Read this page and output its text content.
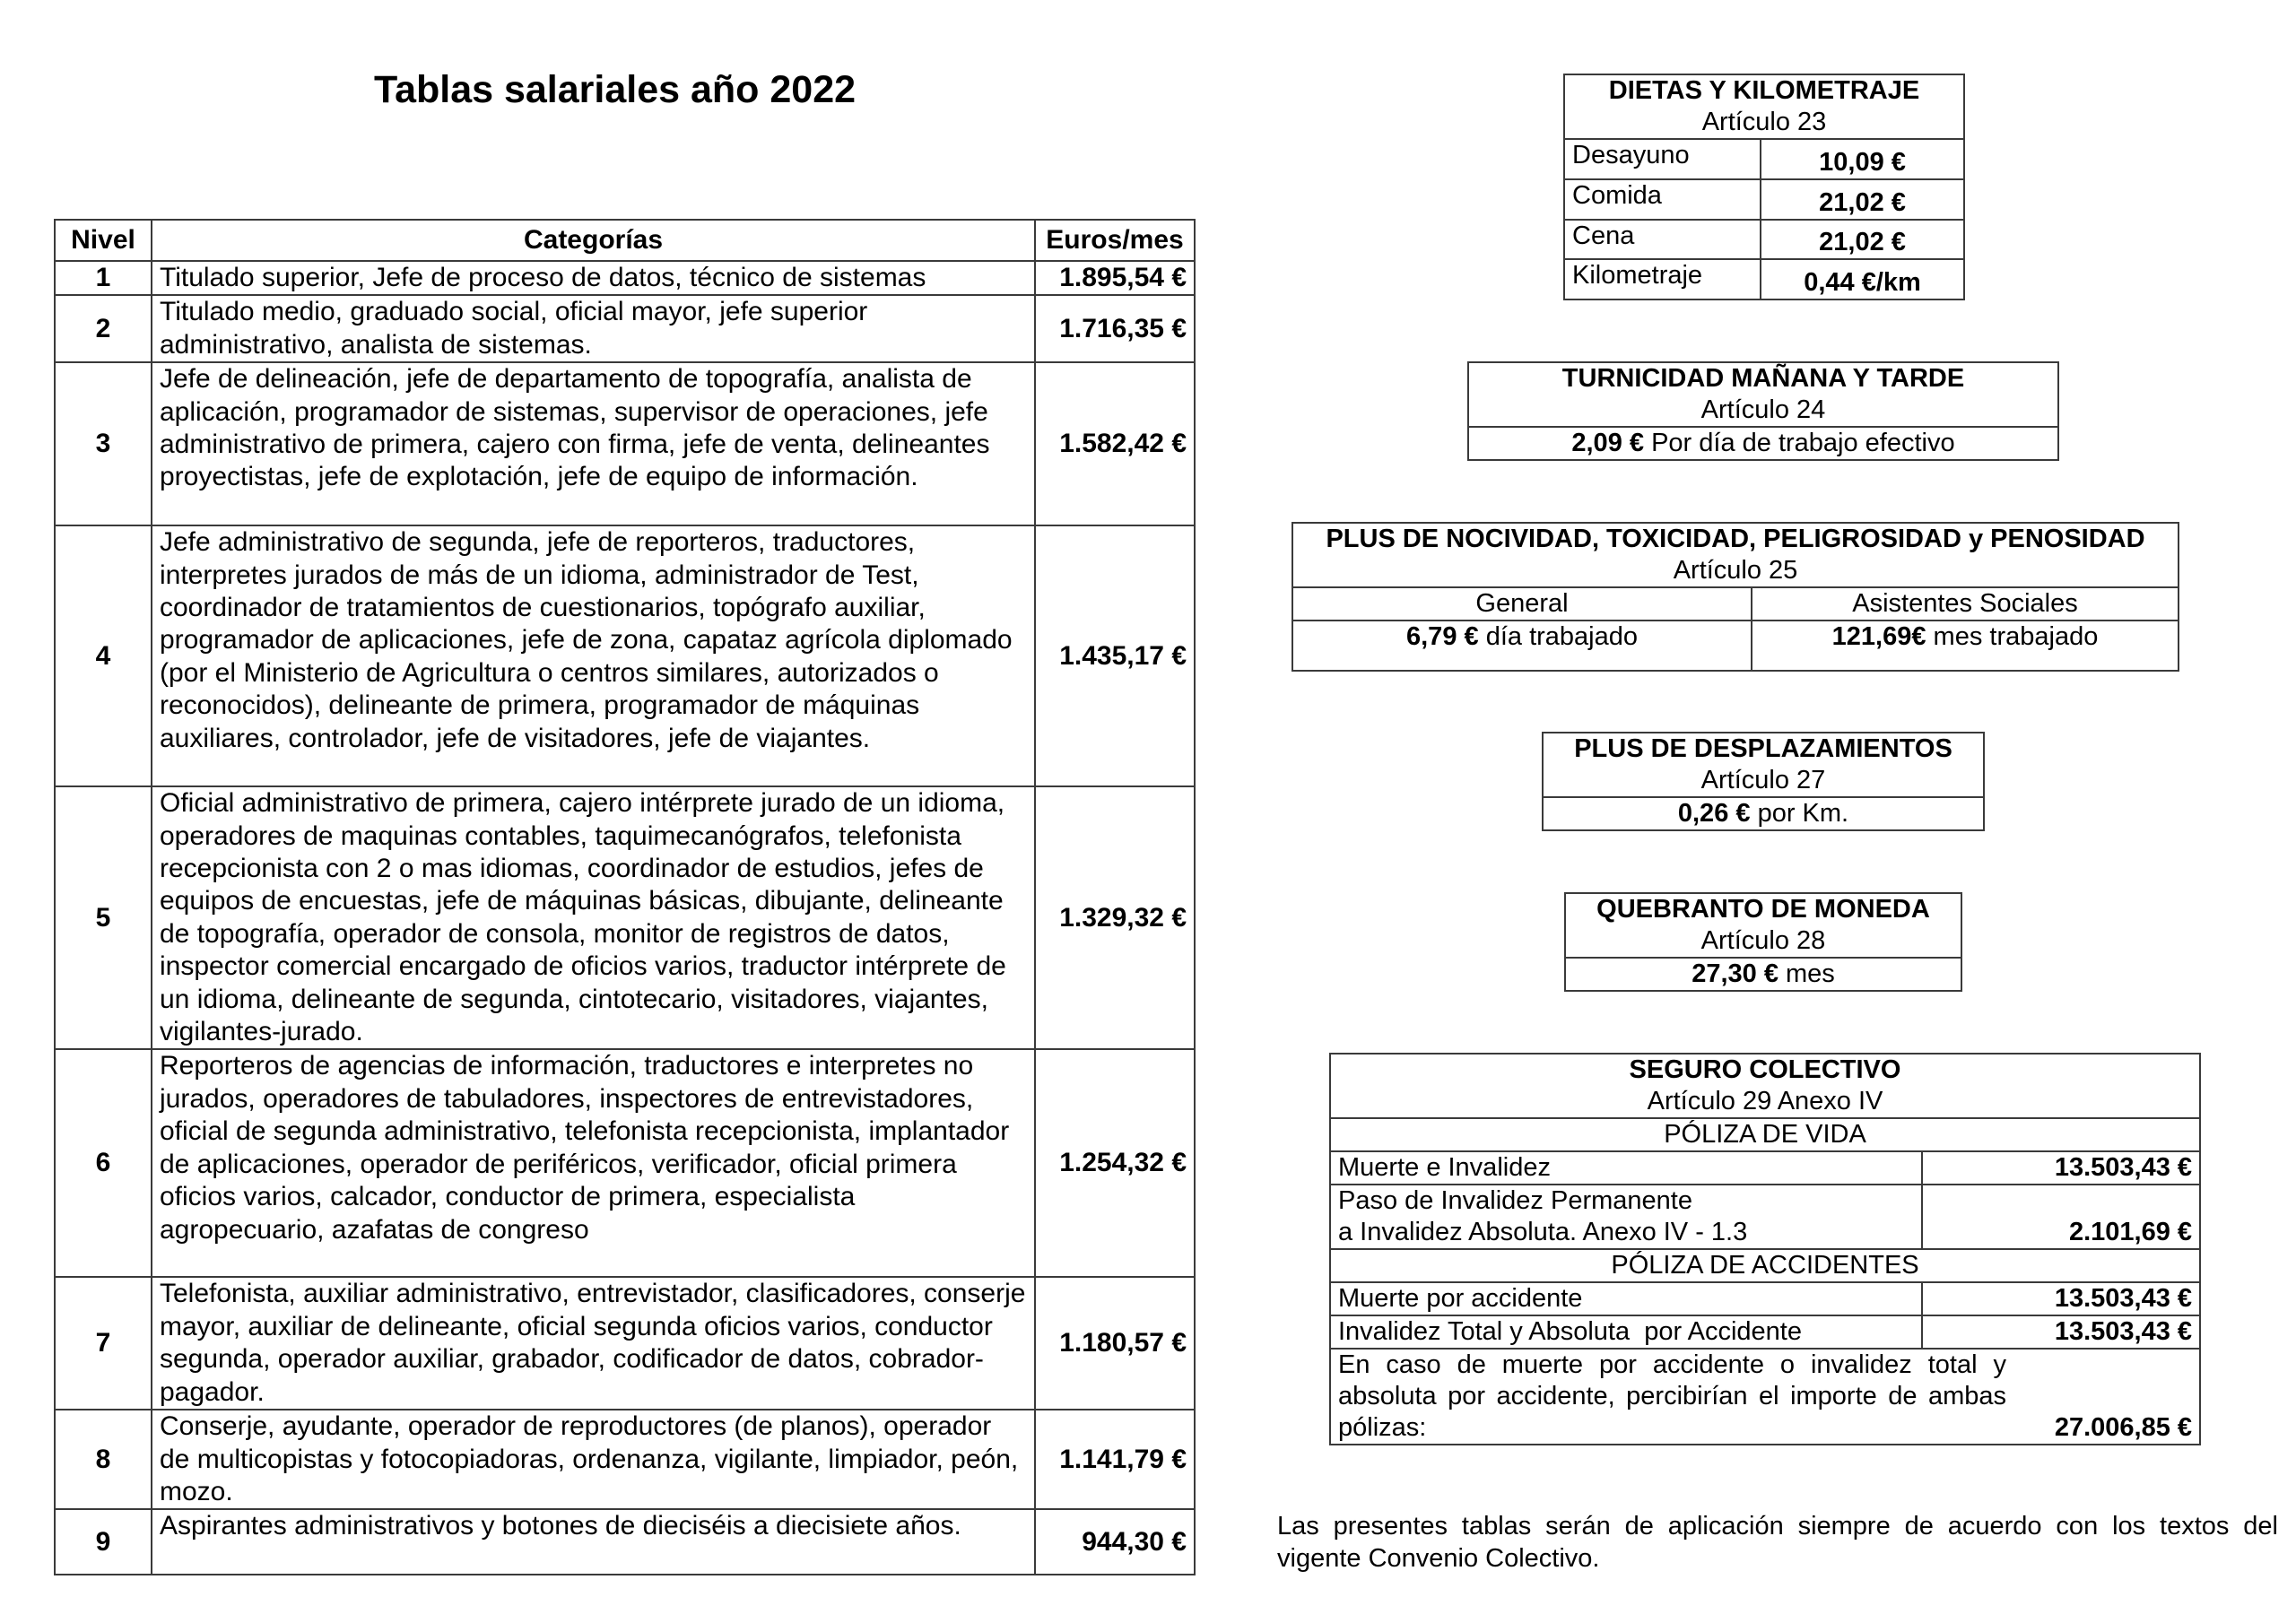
Tablas salariales año 2022
Nivel	Categorías	Euros/mes
1	Titulado superior, Jefe de proceso de datos, técnico de sistemas	1.895,54 €
2	Titulado medio, graduado social, oficial mayor, jefe superior administrativo, analista de sistemas.	1.716,35 €
3	Jefe de delineación, jefe de departamento de topografía, analista de aplicación, programador de sistemas, supervisor de operaciones, jefe administrativo de primera, cajero con firma, jefe de venta, delineantes proyectistas, jefe de explotación, jefe de equipo de información.	1.582,42 €
4	Jefe administrativo de segunda, jefe de reporteros, traductores, interpretes jurados de más de un idioma, administrador de Test, coordinador de tratamientos de cuestionarios, topógrafo auxiliar, programador de aplicaciones, jefe de zona, capataz agrícola diplomado (por el Ministerio de Agricultura o centros similares, autorizados o reconocidos), delineante de primera, programador de máquinas auxiliares, controlador, jefe de visitadores, jefe de viajantes.	1.435,17 €
5	Oficial administrativo de primera, cajero intérprete jurado de un idioma, operadores de maquinas contables, taquimecanógrafos, telefonista recepcionista con 2 o mas idiomas, coordinador de estudios, jefes de equipos de encuestas, jefe de máquinas básicas, dibujante, delineante de topografía, operador de consola, monitor de registros de datos, inspector comercial encargado de oficios varios, traductor intérprete de un idioma, delineante de segunda, cintotecario, visitadores, viajantes, vigilantes-jurado.	1.329,32 €
6	Reporteros de agencias de información, traductores e interpretes no jurados, operadores de tabuladores, inspectores de entrevistadores, oficial de segunda administrativo, telefonista recepcionista, implantador de aplicaciones, operador de periféricos, verificador, oficial primera oficios varios, calcador, conductor de primera, especialista agropecuario, azafatas de congreso	1.254,32 €
7	Telefonista, auxiliar administrativo, entrevistador, clasificadores, conserje mayor, auxiliar de delineante, oficial segunda oficios varios, conductor segunda, operador auxiliar, grabador, codificador de datos, cobrador-pagador.	1.180,57 €
8	Conserje, ayudante, operador de reproductores (de planos), operador de multicopistas y fotocopiadoras, ordenanza, vigilante, limpiador, peón, mozo.	1.141,79 €
9	Aspirantes administrativos y botones de dieciséis a diecisiete años.	944,30 €
DIETAS Y KILOMETRAJE
Artículo 23	

Desayuno	10,09 €
Comida	21,02 €
Cena	21,02 €
Kilometraje	0,44 €/km
TURNICIDAD MAÑANA Y TARDE
Artículo 24

2,09 € Por día de trabajo efectivo
PLUS DE NOCIVIDAD, TOXICIDAD, PELIGROSIDAD y PENOSIDAD
Artículo 25	

General	Asistentes Sociales
6,79 € día trabajado	121,69€ mes trabajado
PLUS DE DESPLAZAMIENTOS
Artículo 27

0,26 € por Km.
QUEBRANTO DE MONEDA
Artículo 28

27,30 € mes
SEGURO COLECTIVO
Artículo 29 Anexo IV	

PÓLIZA DE VIDA	
Muerte e Invalidez	13.503,43 €

Paso de Invalidez Permanente
a Invalidez Absoluta. Anexo IV - 1.3	2.101,69 €
PÓLIZA DE ACCIDENTES	
Muerte por accidente	13.503,43 €
Invalidez Total y Absoluta  por Accidente	13.503,43 €

En caso de muerte por accidente o invalidez total y absoluta por accidente, percibirían el importe de ambas pólizas: 27.006,85 €	
Las presentes tablas serán de aplicación siempre de acuerdo con los textos del vigente Convenio Colectivo.
